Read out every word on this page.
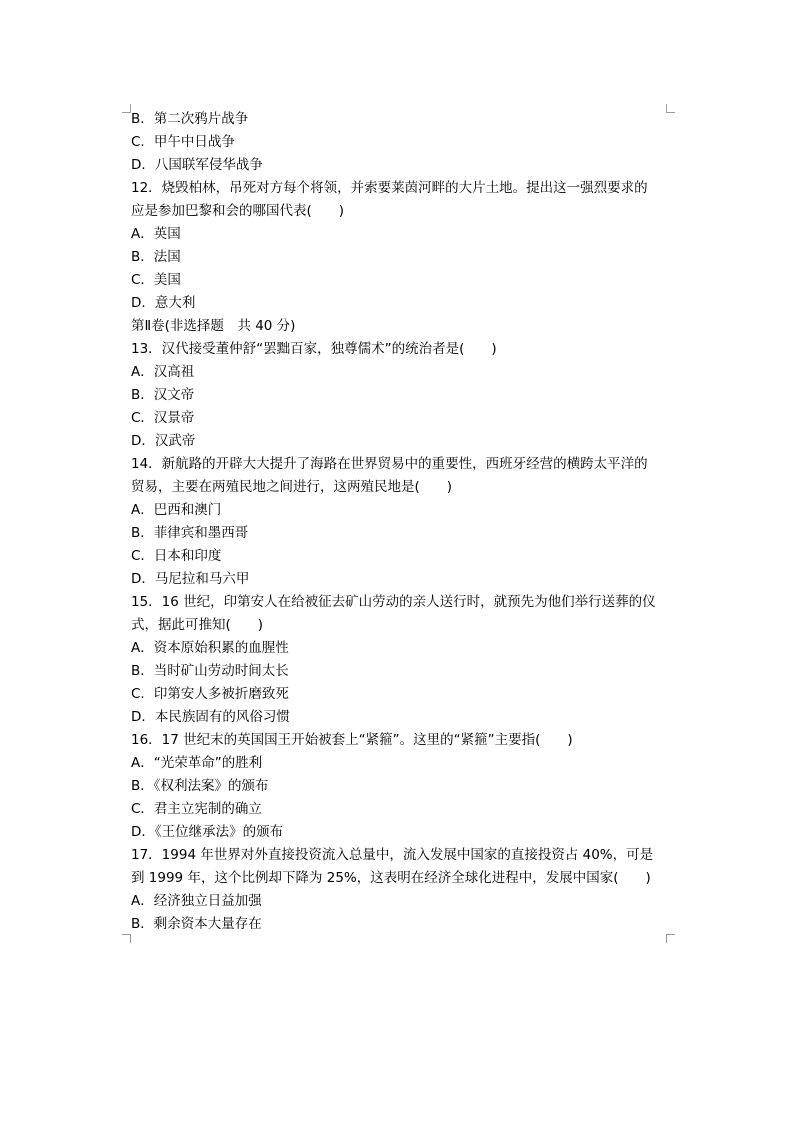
B．第二次鸦片战争
C．甲午中日战争
D．八国联军侵华战争
12．烧毁柏林，吊死对方每个将领，并索要莱茵河畔的大片土地。提出这一强烈要求的
应是参加巴黎和会的哪国代表(　　)
A．英国
B．法国
C．美国
D．意大利
第Ⅱ卷(非选择题　共 40 分)
13．汉代接受董仲舒“罢黜百家，独尊儒术”的统治者是(　　)
A．汉高祖
B．汉文帝
C．汉景帝
D．汉武帝
14．新航路的开辟大大提升了海路在世界贸易中的重要性，西班牙经营的横跨太平洋的
贸易，主要在两殖民地之间进行，这两殖民地是(　　)
A．巴西和澳门
B．菲律宾和墨西哥
C．日本和印度
D．马尼拉和马六甲
15．16 世纪，印第安人在给被征去矿山劳动的亲人送行时，就预先为他们举行送葬的仪
式，据此可推知(　　)
A．资本原始积累的血腥性
B．当时矿山劳动时间太长
C．印第安人多被折磨致死
D．本民族固有的风俗习惯
16．17 世纪末的英国国王开始被套上“紧箍”。这里的“紧箍”主要指(　　)
A．“光荣革命”的胜利
B．《权利法案》的颁布
C．君主立宪制的确立
D．《王位继承法》的颁布
17．1994 年世界对外直接投资流入总量中，流入发展中国家的直接投资占 40%，可是
到 1999 年，这个比例却下降为 25%，这表明在经济全球化进程中，发展中国家(　　)
A．经济独立日益加强
B．剩余资本大量存在
